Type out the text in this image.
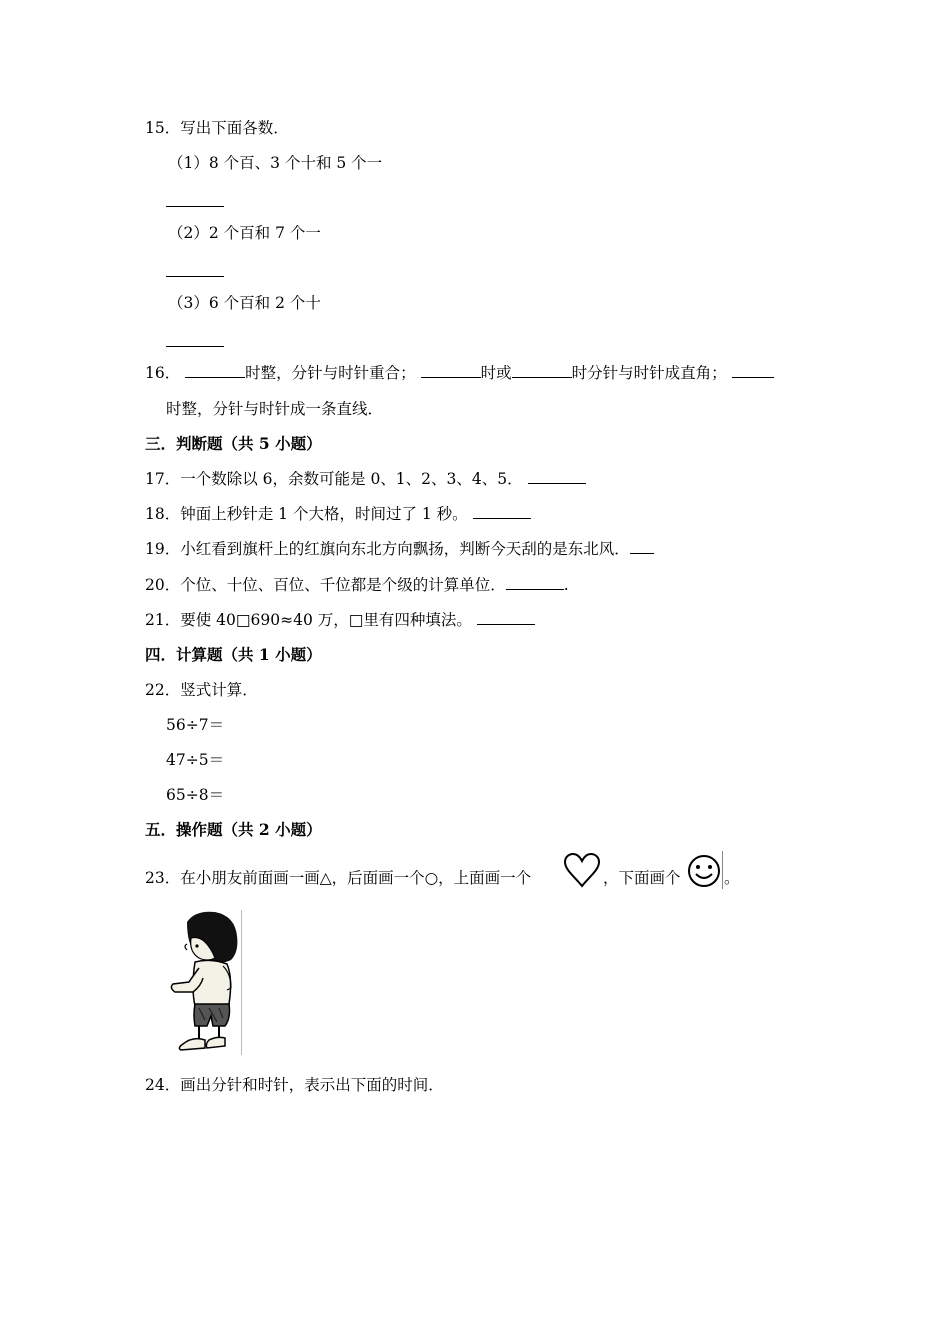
15．写出下面各数．
（1）8 个百、3 个十和 5 个一
（2）2 个百和 7 个一
（3）6 个百和 2 个十
16．	时整，分针与时针重合；	时或	时分针与时针成直角；
时整，分针与时针成一条直线．
三．判断题（共 5 小题）
17．一个数除以 6，余数可能是 0、1、2、3、4、5．
18．钟面上秒针走 1 个大格，时间过了 1 秒。
19．小红看到旗杆上的红旗向东北方向飘扬，判断今天刮的是东北风．
20．个位、十位、百位、千位都是个级的计算单位．	.
21．要使 40□690≈40 万，□里有四种填法。
四．计算题（共 1 小题）
22．竖式计算．
56÷7＝
47÷5＝
65÷8＝
五．操作题（共 2 小题）
23．在小朋友前面画一画△，后面画一个○，上面画一个	，下面画个	。
24．画出分针和时针，表示出下面的时间．
